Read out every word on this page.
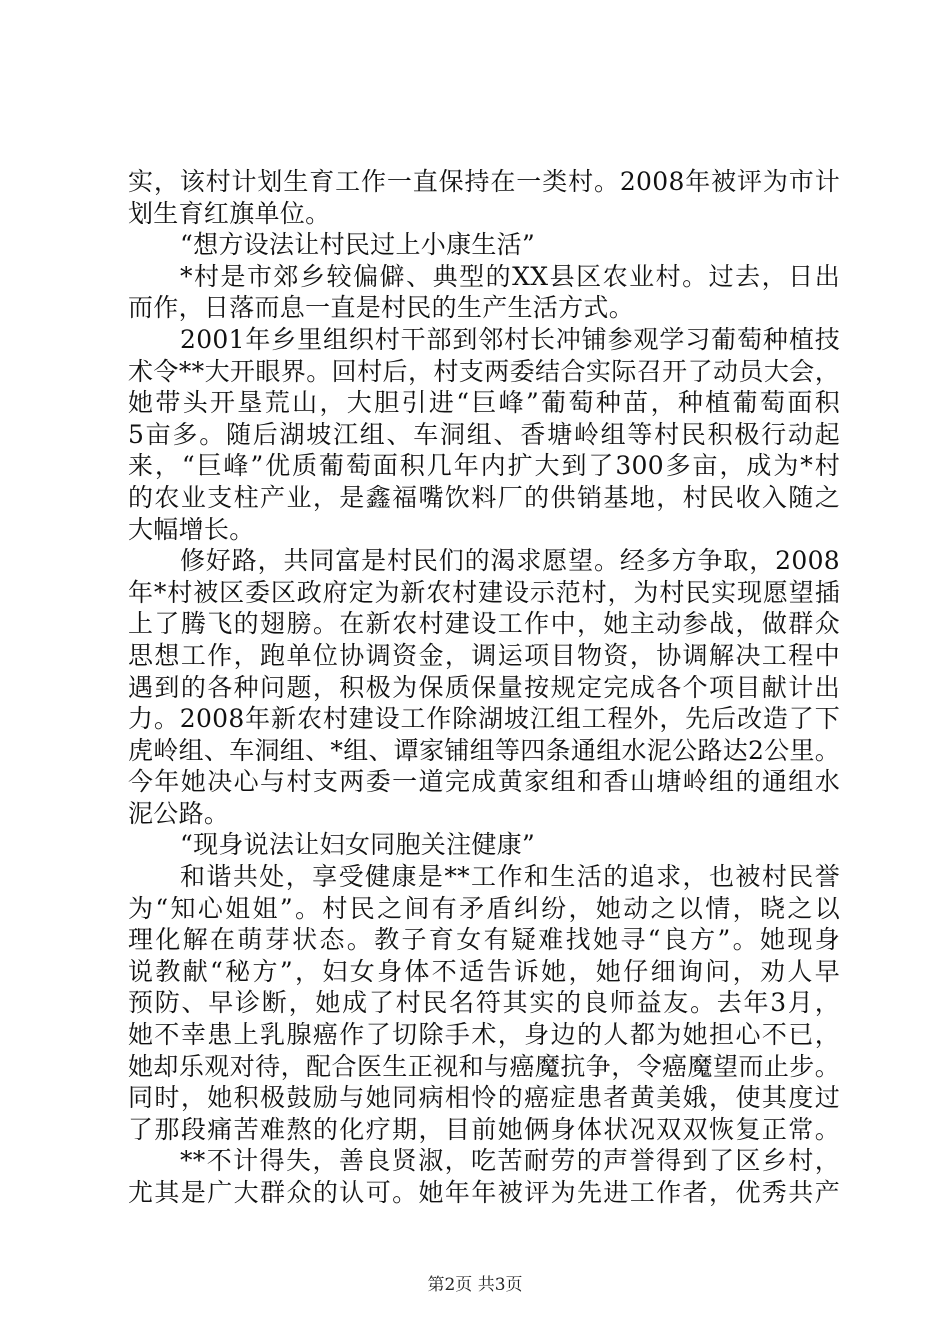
实，该村计划生育工作一直保持在一类村。2008年被评为市计
划生育红旗单位。
“想方设法让村民过上小康生活”
*村是市郊乡较偏僻、典型的XX县区农业村。过去，日出
而作，日落而息一直是村民的生产生活方式。
2001年乡里组织村干部到邻村长冲铺参观学习葡萄种植技
术令**大开眼界。回村后，村支两委结合实际召开了动员大会，
她带头开垦荒山，大胆引进“巨峰”葡萄种苗，种植葡萄面积
5亩多。随后湖坡江组、车洞组、香塘岭组等村民积极行动起
来，“巨峰”优质葡萄面积几年内扩大到了300多亩，成为*村
的农业支柱产业，是鑫福嘴饮料厂的供销基地，村民收入随之
大幅增长。
修好路，共同富是村民们的渴求愿望。经多方争取，2008
年*村被区委区政府定为新农村建设示范村，为村民实现愿望插
上了腾飞的翅膀。在新农村建设工作中，她主动参战，做群众
思想工作，跑单位协调资金，调运项目物资，协调解决工程中
遇到的各种问题，积极为保质保量按规定完成各个项目献计出
力。2008年新农村建设工作除湖坡江组工程外，先后改造了下
虎岭组、车洞组、*组、谭家铺组等四条通组水泥公路达2公里。
今年她决心与村支两委一道完成黄家组和香山塘岭组的通组水
泥公路。
“现身说法让妇女同胞关注健康”
和谐共处，享受健康是**工作和生活的追求，也被村民誉
为“知心姐姐”。村民之间有矛盾纠纷，她动之以情，晓之以
理化解在萌芽状态。教子育女有疑难找她寻“良方”。她现身
说教献“秘方”，妇女身体不适告诉她，她仔细询问，劝人早
预防、早诊断，她成了村民名符其实的良师益友。去年3月，
她不幸患上乳腺癌作了切除手术，身边的人都为她担心不已，
她却乐观对待，配合医生正视和与癌魔抗争，令癌魔望而止步。
同时，她积极鼓励与她同病相怜的癌症患者黄美娥，使其度过
了那段痛苦难熬的化疗期，目前她俩身体状况双双恢复正常。
**不计得失，善良贤淑，吃苦耐劳的声誉得到了区乡村，
尤其是广大群众的认可。她年年被评为先进工作者，优秀共产
第2页 共3页
